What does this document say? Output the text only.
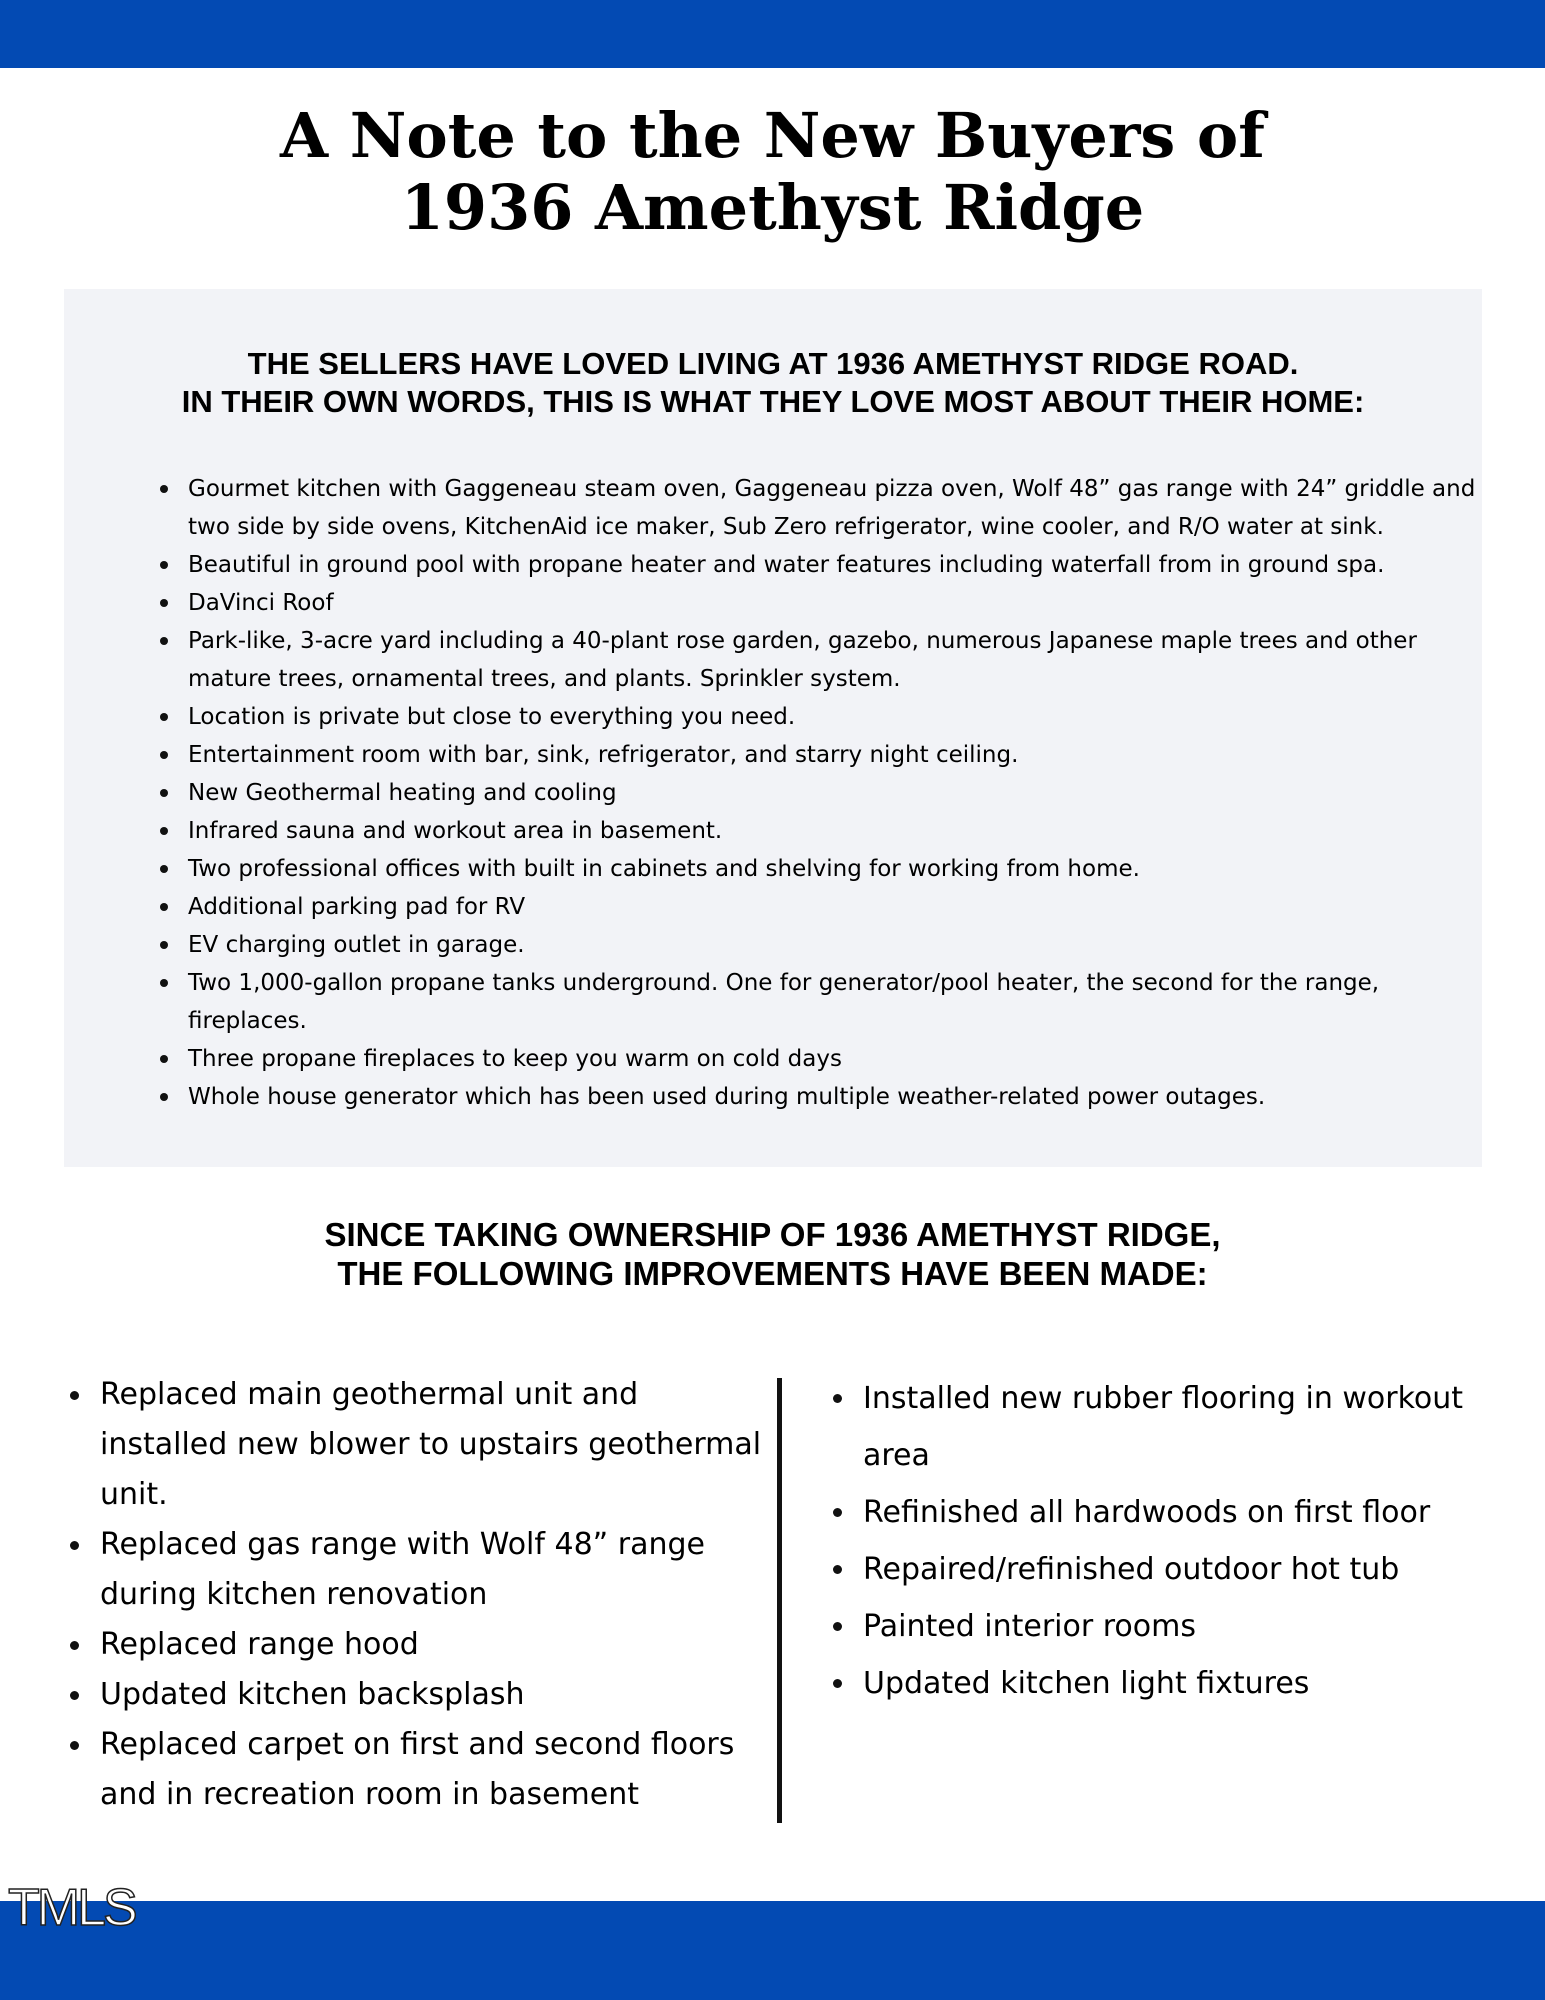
A Note to the New Buyers of
1936 Amethyst Ridge
THE SELLERS HAVE LOVED LIVING AT 1936 AMETHYST RIDGE ROAD.
IN THEIR OWN WORDS, THIS IS WHAT THEY LOVE MOST ABOUT THEIR HOME:
Gourmet kitchen with Gaggeneau steam oven, Gaggeneau pizza oven, Wolf 48” gas range with 24” griddle and two side by side ovens, KitchenAid ice maker, Sub Zero refrigerator, wine cooler, and R/O water at sink.
Beautiful in ground pool with propane heater and water features including waterfall from in ground spa.
DaVinci Roof
Park-like, 3-acre yard including a 40-plant rose garden, gazebo, numerous Japanese maple trees and other mature trees, ornamental trees, and plants. Sprinkler system.
Location is private but close to everything you need.
Entertainment room with bar, sink, refrigerator, and starry night ceiling.
New Geothermal heating and cooling
Infrared sauna and workout area in basement.
Two professional offices with built in cabinets and shelving for working from home.
Additional parking pad for RV
EV charging outlet in garage.
Two 1,000-gallon propane tanks underground. One for generator/pool heater, the second for the range, fireplaces.
Three propane fireplaces to keep you warm on cold days
Whole house generator which has been used during multiple weather-related power outages.
SINCE TAKING OWNERSHIP OF 1936 AMETHYST RIDGE,
THE FOLLOWING IMPROVEMENTS HAVE BEEN MADE:
Replaced main geothermal unit and installed new blower to upstairs geothermal unit.
Replaced gas range with Wolf 48” range during kitchen renovation
Replaced range hood
Updated kitchen backsplash
Replaced carpet on first and second floors and in recreation room in basement
Installed new rubber flooring in workout area
Refinished all hardwoods on first floor
Repaired/refinished outdoor hot tub
Painted interior rooms
Updated kitchen light fixtures

TMLS
